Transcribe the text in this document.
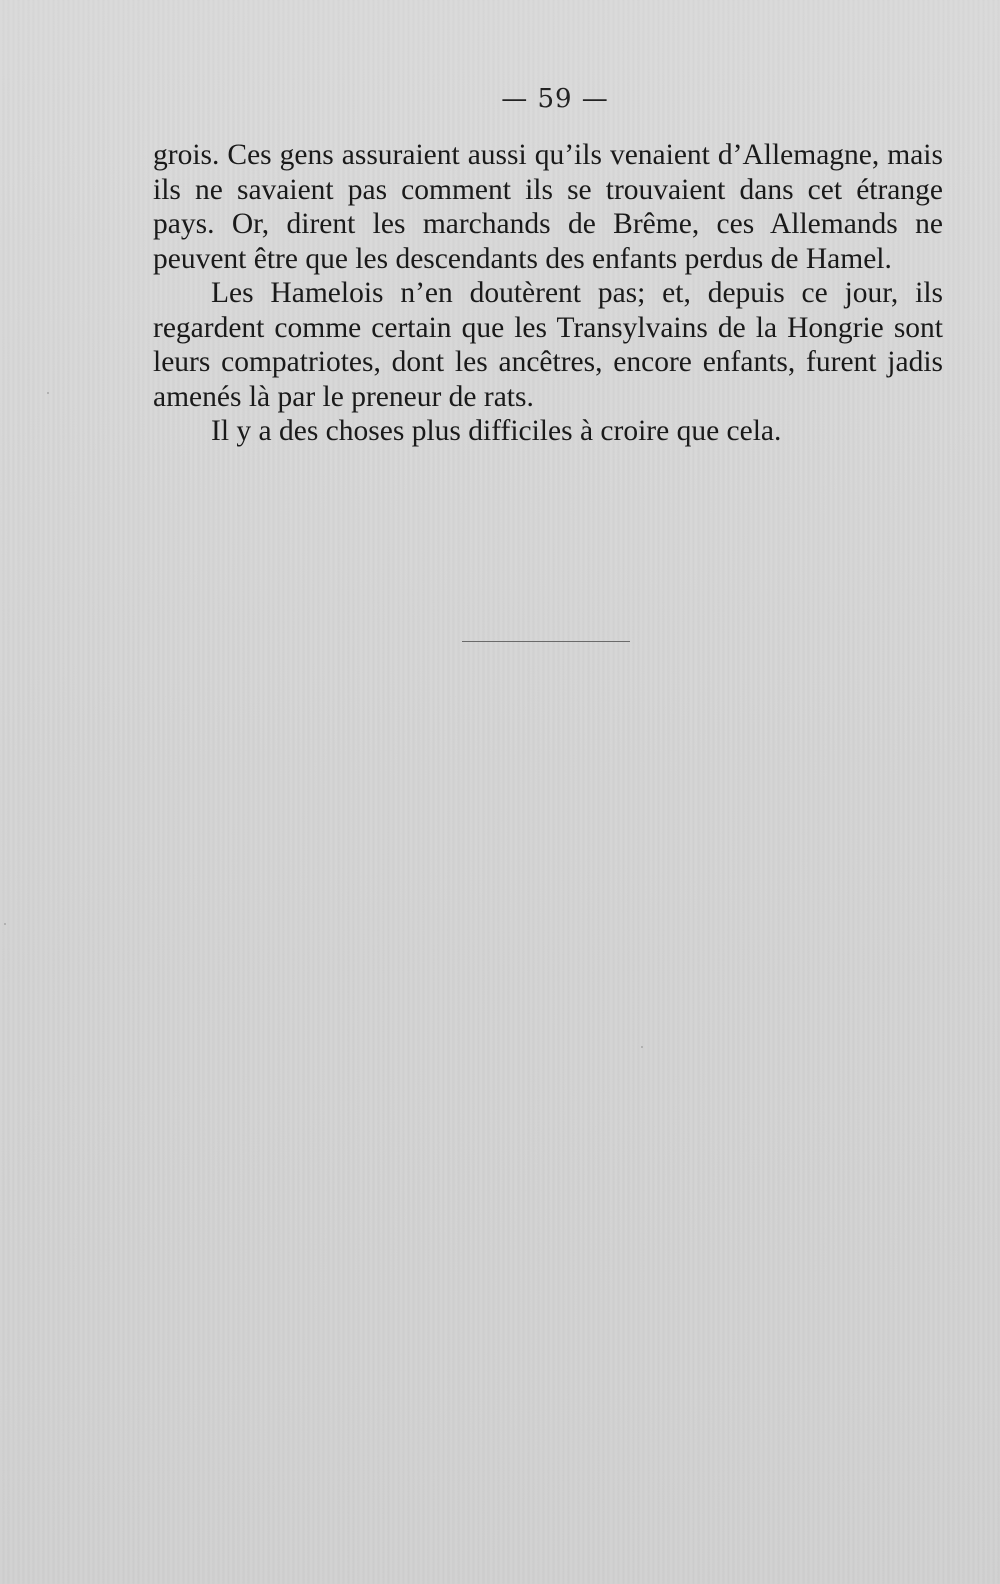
— 59 —

grois. Ces gens assuraient aussi qu’ils venaient d’Allemagne, mais ils ne savaient pas comment ils se trouvaient dans cet étrange pays. Or, dirent les marchands de Brême, ces Allemands ne peuvent être que les descendants des enfants perdus de Hamel.

Les Hamelois n’en doutèrent pas; et, depuis ce jour, ils regardent comme certain que les Transylvains de la Hongrie sont leurs compatriotes, dont les ancêtres, encore enfants, furent jadis amenés là par le preneur de rats.

Il y a des choses plus difficiles à croire que cela.
